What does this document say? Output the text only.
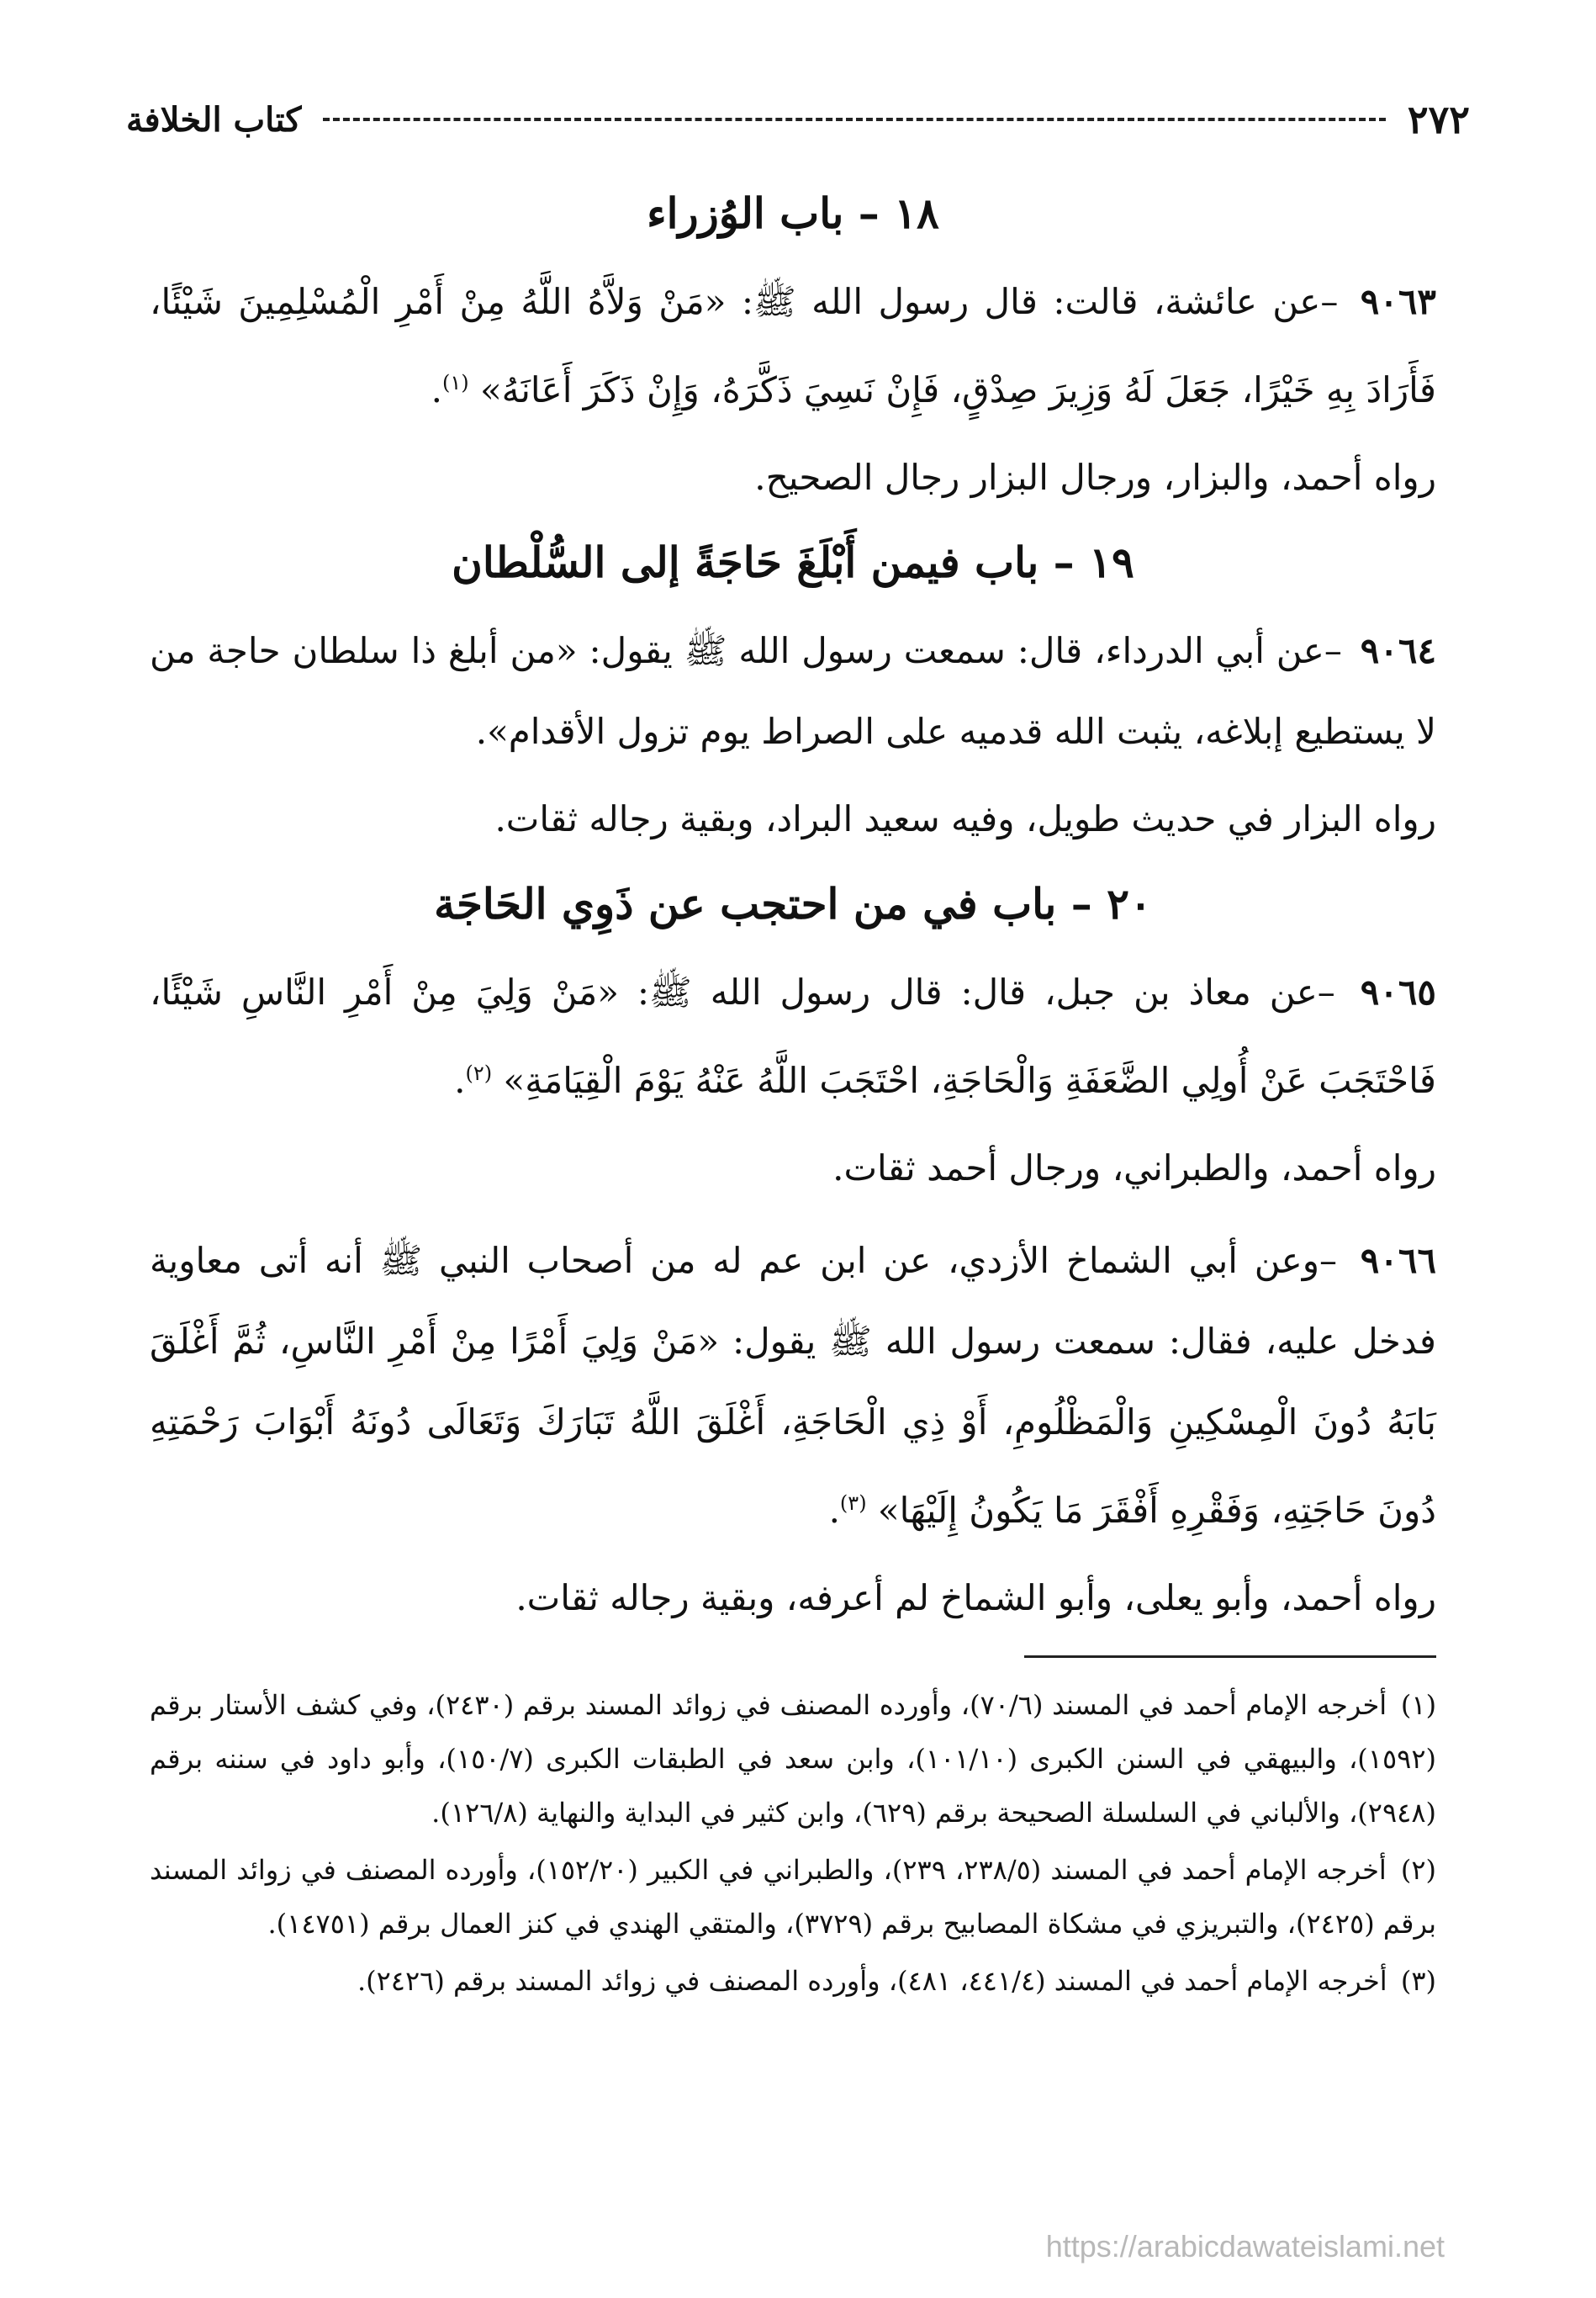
٢٧٢
كتاب الخلافة
١٨ – باب الوُزراء

٩٠٦٣ –عن عائشة، قالت: قال رسول الله ﷺ: «مَنْ وَلاَّهُ اللَّهُ مِنْ أَمْرِ الْمُسْلِمِينَ شَيْئًا، فَأَرَادَ بِهِ خَيْرًا، جَعَلَ لَهُ وَزِيرَ صِدْقٍ، فَإِنْ نَسِيَ ذَكَّرَهُ، وَإِنْ ذَكَرَ أَعَانَهُ» $^{(١)}$.

رواه أحمد، والبزار، ورجال البزار رجال الصحيح.

١٩ – باب فيمن أَبْلَغَ حَاجَةً إلى السُّلْطان

٩٠٦٤ –عن أبي الدرداء، قال: سمعت رسول الله ﷺ يقول: «من أبلغ ذا سلطان حاجة من لا يستطيع إبلاغه، يثبت الله قدميه على الصراط يوم تزول الأقدام».

رواه البزار في حديث طويل، وفيه سعيد البراد، وبقية رجاله ثقات.

٢٠ – باب في من احتجب عن ذَوِي الحَاجَة

٩٠٦٥ –عن معاذ بن جبل، قال: قال رسول الله ﷺ: «مَنْ وَلِيَ مِنْ أَمْرِ النَّاسِ شَيْئًا، فَاحْتَجَبَ عَنْ أُولِي الضَّعَفَةِ وَالْحَاجَةِ، احْتَجَبَ اللَّهُ عَنْهُ يَوْمَ الْقِيَامَةِ» $^{(٢)}$.

رواه أحمد، والطبراني، ورجال أحمد ثقات.

٩٠٦٦ –وعن أبي الشماخ الأزدي، عن ابن عم له من أصحاب النبي ﷺ أنه أتى معاوية فدخل عليه، فقال: سمعت رسول الله ﷺ يقول: «مَنْ وَلِيَ أَمْرًا مِنْ أَمْرِ النَّاسِ، ثُمَّ أَغْلَقَ بَابَهُ دُونَ الْمِسْكِينِ وَالْمَظْلُومِ، أَوْ ذِي الْحَاجَةِ، أَغْلَقَ اللَّهُ تَبَارَكَ وَتَعَالَى دُونَهُ أَبْوَابَ رَحْمَتِهِ دُونَ حَاجَتِهِ، وَفَقْرِهِ أَفْقَرَ مَا يَكُونُ إِلَيْهَا» $^{(٣)}$.

رواه أحمد، وأبو يعلى، وأبو الشماخ لم أعرفه، وبقية رجاله ثقات.

(١) أخرجه الإمام أحمد في المسند (٧٠/٦)، وأورده المصنف في زوائد المسند برقم (٢٤٣٠)، وفي كشف الأستار برقم (١٥٩٢)، والبيهقي في السنن الكبرى (١٠١/١٠)، وابن سعد في الطبقات الكبرى (١٥٠/٧)، وأبو داود في سننه برقم (٢٩٤٨)، والألباني في السلسلة الصحيحة برقم (٦٢٩)، وابن كثير في البداية والنهاية (١٢٦/٨).

(٢) أخرجه الإمام أحمد في المسند (٢٣٨/٥، ٢٣٩)، والطبراني في الكبير (١٥٢/٢٠)، وأورده المصنف في زوائد المسند برقم (٢٤٢٥)، والتبريزي في مشكاة المصابيح برقم (٣٧٢٩)، والمتقي الهندي في كنز العمال برقم (١٤٧٥١).

(٣) أخرجه الإمام أحمد في المسند (٤٤١/٤، ٤٨١)، وأورده المصنف في زوائد المسند برقم (٢٤٢٦).

https://arabicdawateislami.net
